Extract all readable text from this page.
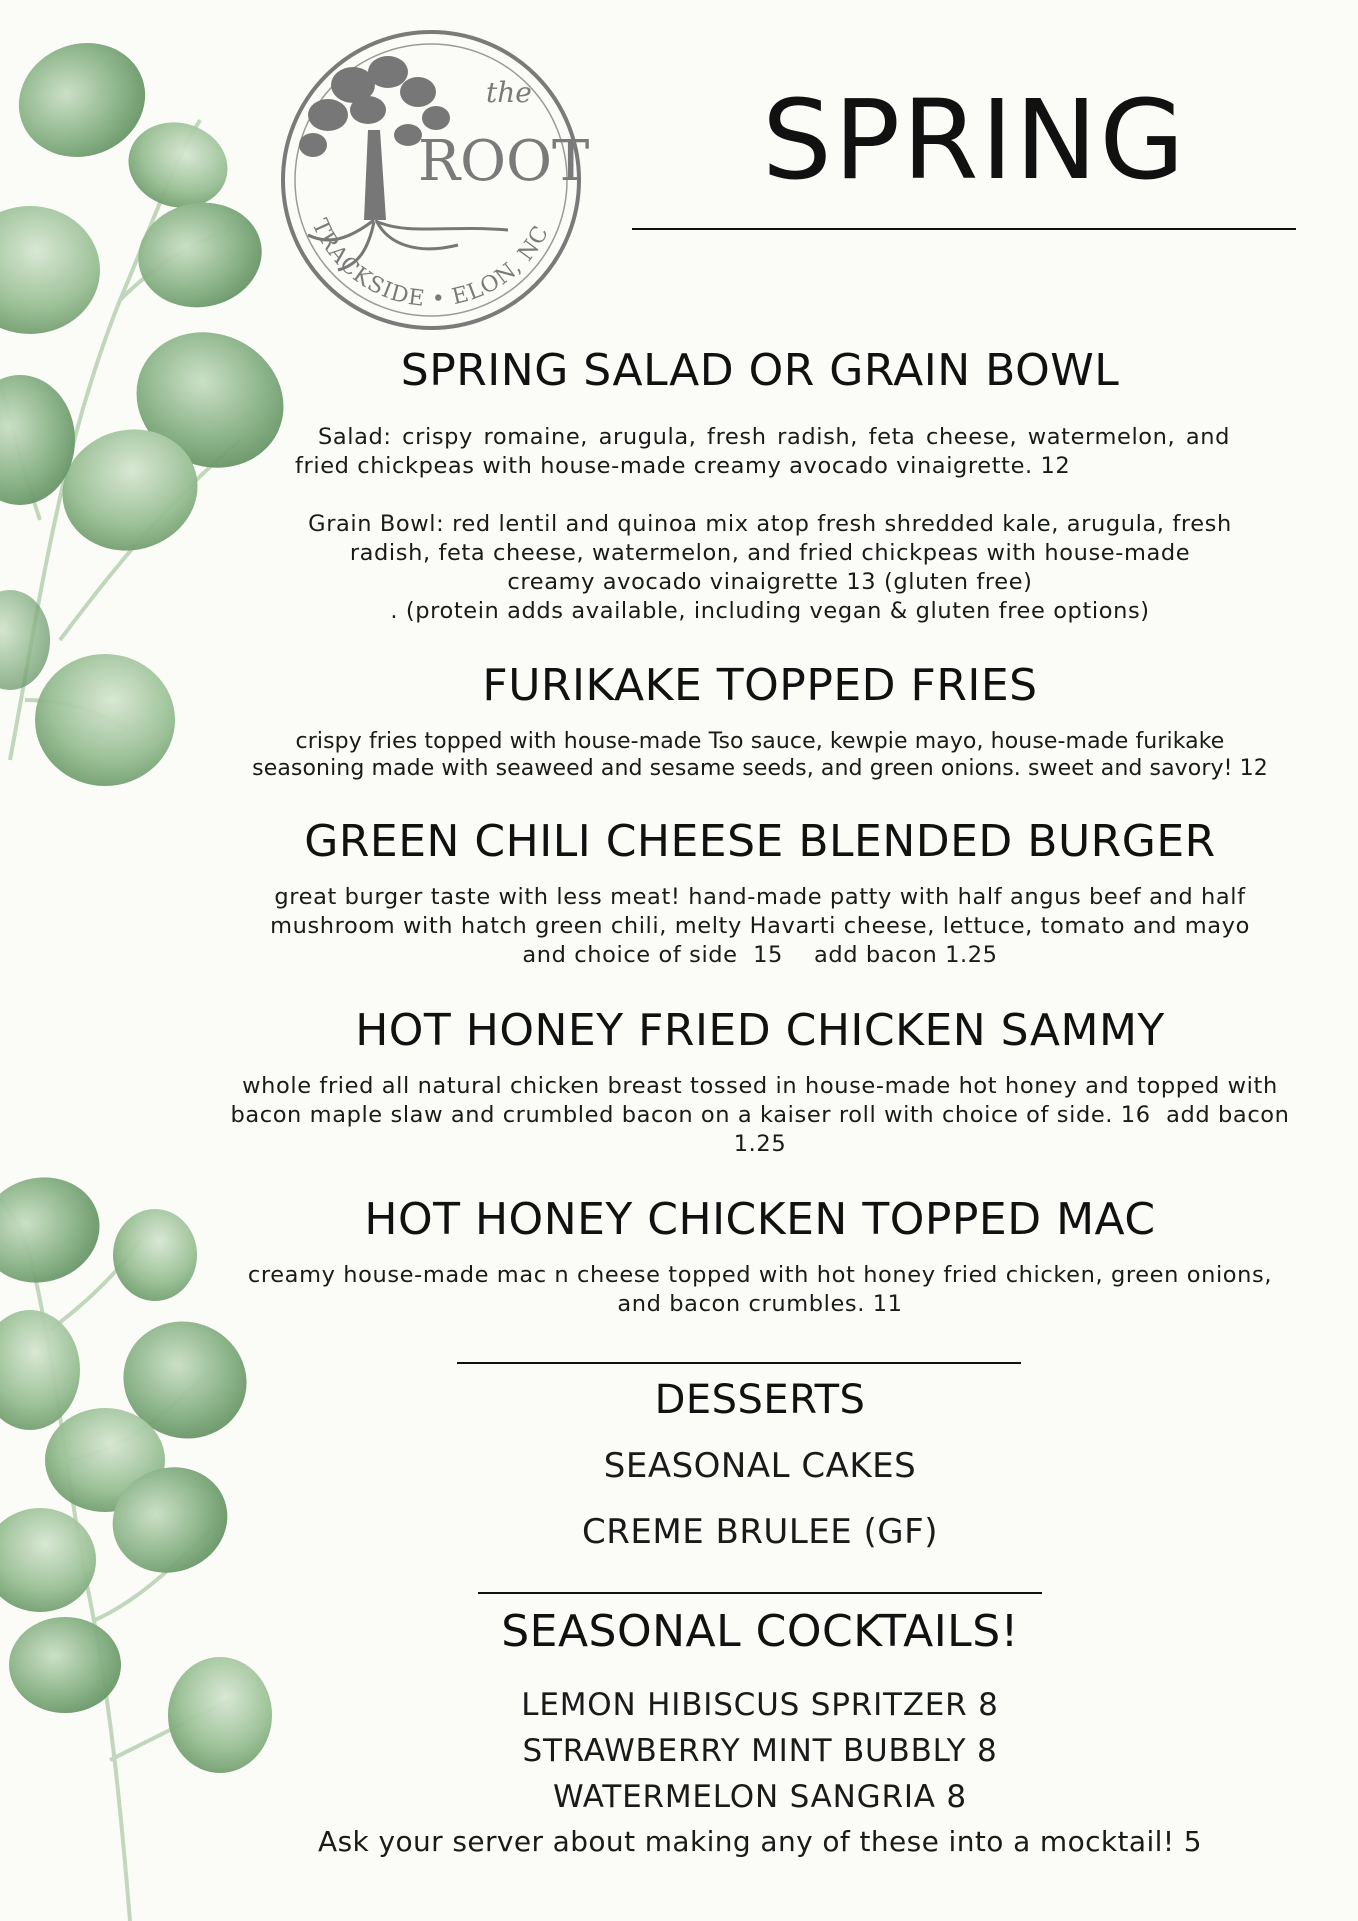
the
ROOT
TRACKSIDE • ELON, NC
SPRING
SPRING SALAD OR GRAIN BOWL
Salad: crispy romaine, arugula, fresh radish, feta cheese, watermelon, and
fried chickpeas with house-made creamy avocado vinaigrette. 12
Grain Bowl: red lentil and quinoa mix atop fresh shredded kale, arugula, fresh
radish, feta cheese, watermelon, and fried chickpeas with house-made
creamy avocado vinaigrette 13 (gluten free)
. (protein adds available, including vegan & gluten free options)
FURIKAKE TOPPED FRIES
crispy fries topped with house-made Tso sauce, kewpie mayo, house-made furikake
seasoning made with seaweed and sesame seeds, and green onions. sweet and savory! 12
GREEN CHILI CHEESE BLENDED BURGER
great burger taste with less meat! hand-made patty with half angus beef and half
mushroom with hatch green chili, melty Havarti cheese, lettuce, tomato and mayo
and choice of side  15    add bacon 1.25
HOT HONEY FRIED CHICKEN SAMMY
whole fried all natural chicken breast tossed in house-made hot honey and topped with
bacon maple slaw and crumbled bacon on a kaiser roll with choice of side. 16  add bacon
1.25
HOT HONEY CHICKEN TOPPED MAC
creamy house-made mac n cheese topped with hot honey fried chicken, green onions,
and bacon crumbles. 11
DESSERTS
SEASONAL CAKES
CREME BRULEE (GF)
SEASONAL COCKTAILS!
LEMON HIBISCUS SPRITZER 8
STRAWBERRY MINT BUBBLY 8
WATERMELON SANGRIA 8
Ask your server about making any of these into a mocktail! 5
